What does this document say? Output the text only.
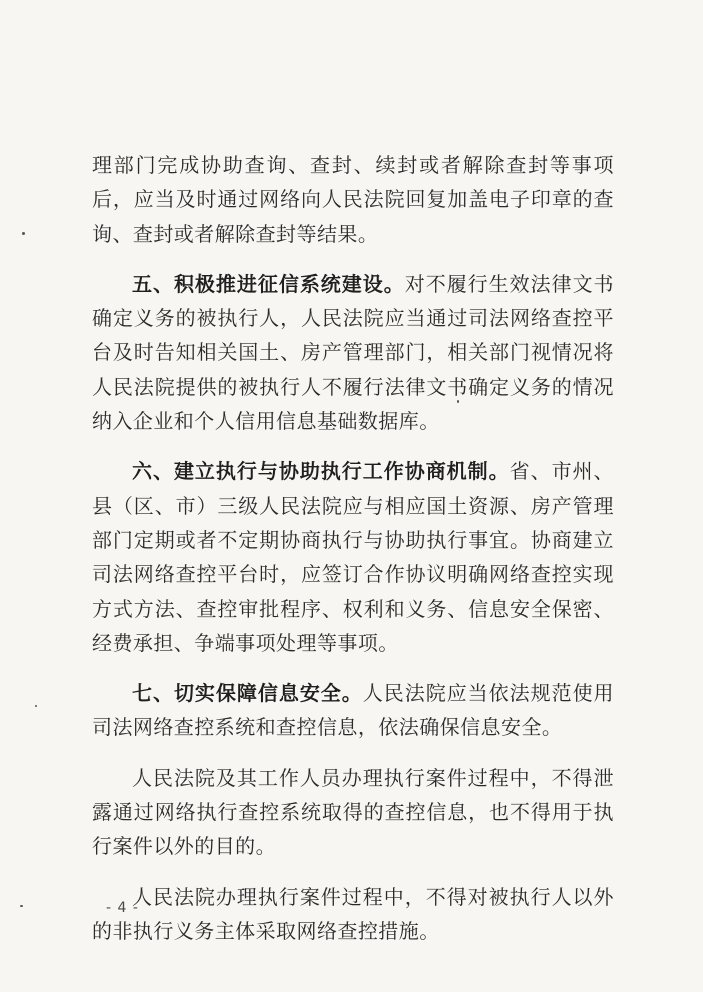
理部门完成协助查询、查封、续封或者解除查封等事项后，应当及时通过网络向人民法院回复加盖电子印章的查询、查封或者解除查封等结果。

五、积极推进征信系统建设。对不履行生效法律文书确定义务的被执行人，人民法院应当通过司法网络查控平台及时告知相关国土、房产管理部门，相关部门视情况将人民法院提供的被执行人不履行法律文书确定义务的情况纳入企业和个人信用信息基础数据库。

六、建立执行与协助执行工作协商机制。省、市州、县（区、市）三级人民法院应与相应国土资源、房产管理部门定期或者不定期协商执行与协助执行事宜。协商建立司法网络查控平台时，应签订合作协议明确网络查控实现方式方法、查控审批程序、权利和义务、信息安全保密、经费承担、争端事项处理等事项。

七、切实保障信息安全。人民法院应当依法规范使用司法网络查控系统和查控信息，依法确保信息安全。

人民法院及其工作人员办理执行案件过程中，不得泄露通过网络执行查控系统取得的查控信息，也不得用于执行案件以外的目的。

人民法院办理执行案件过程中，不得对被执行人以外的非执行义务主体采取网络查控措施。

- 4 -
